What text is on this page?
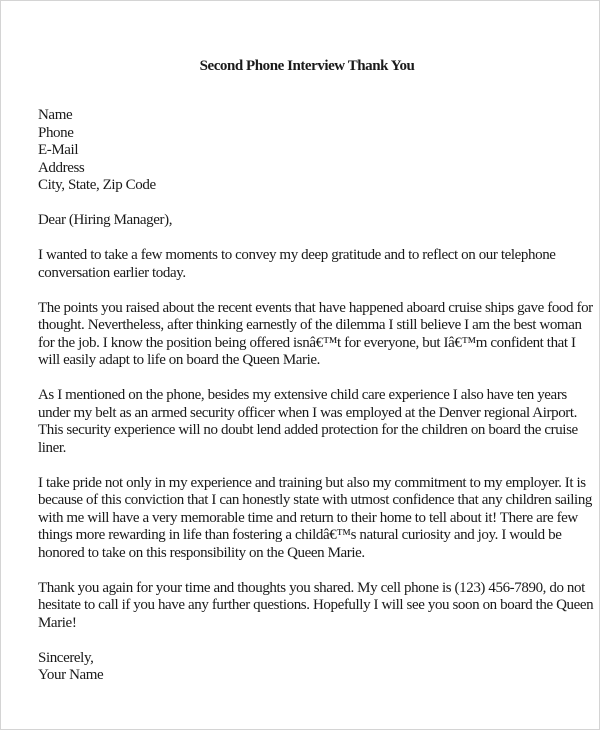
Second Phone Interview Thank You
Name
Phone
E-Mail
Address
City, State, Zip Code
Dear (Hiring Manager),
I wanted to take a few moments to convey my deep gratitude and to reflect on our telephone
conversation earlier today.
The points you raised about the recent events that have happened aboard cruise ships gave food for
thought. Nevertheless, after thinking earnestly of the dilemma I still believe I am the best woman
for the job. I know the position being offered isnâ€™t for everyone, but Iâ€™m confident that I
will easily adapt to life on board the Queen Marie.
As I mentioned on the phone, besides my extensive child care experience I also have ten years
under my belt as an armed security officer when I was employed at the Denver regional Airport.
This security experience will no doubt lend added protection for the children on board the cruise
liner.
I take pride not only in my experience and training but also my commitment to my employer. It is
because of this conviction that I can honestly state with utmost confidence that any children sailing
with me will have a very memorable time and return to their home to tell about it! There are few
things more rewarding in life than fostering a childâ€™s natural curiosity and joy. I would be
honored to take on this responsibility on the Queen Marie.
Thank you again for your time and thoughts you shared. My cell phone is (123) 456-7890, do not
hesitate to call if you have any further questions. Hopefully I will see you soon on board the Queen
Marie!
Sincerely,
Your Name
